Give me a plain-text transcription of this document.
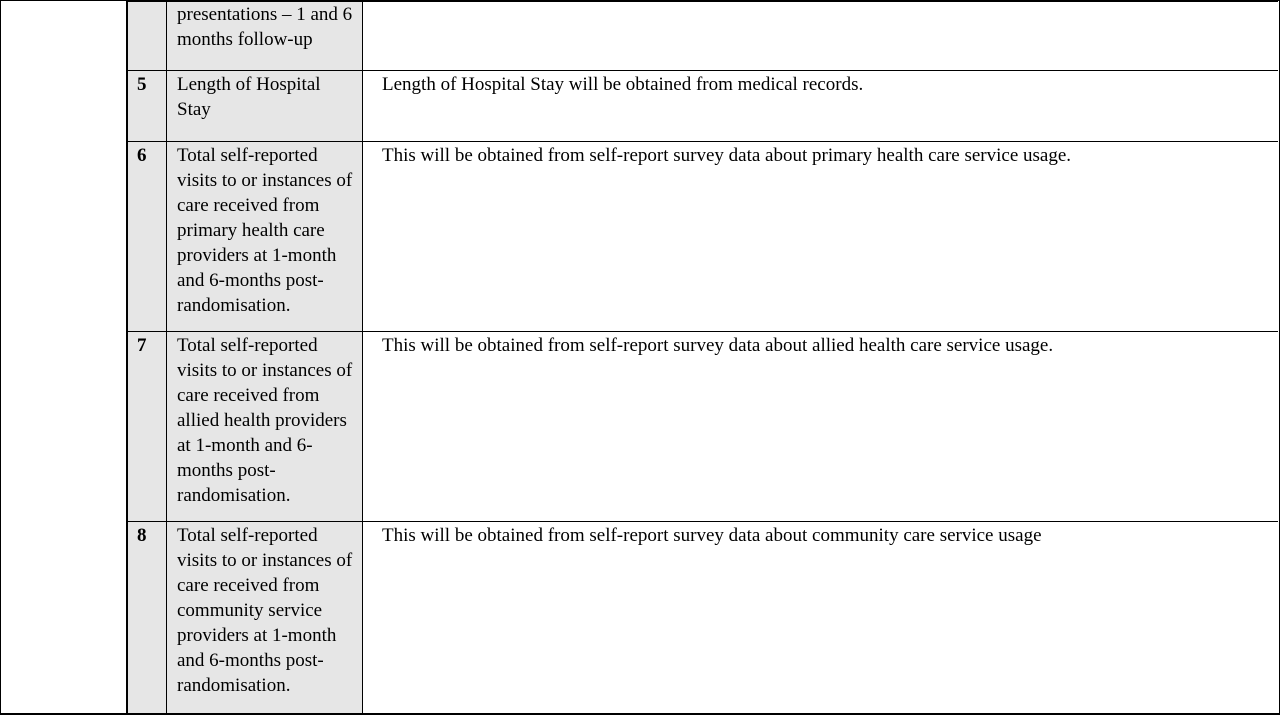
presentations – 1 and 6 months follow-up
5 Length of Hospital Stay
Length of Hospital Stay will be obtained from medical records.
6 Total self-reported visits to or instances of care received from primary health care providers at 1-month and 6-months post-randomisation.
This will be obtained from self-report survey data about primary health care service usage.
7 Total self-reported visits to or instances of care received from allied health providers at 1-month and 6-months post-randomisation.
This will be obtained from self-report survey data about allied health care service usage.
8 Total self-reported visits to or instances of care received from community service providers at 1-month and 6-months post-randomisation.
This will be obtained from self-report survey data about community care service usage
